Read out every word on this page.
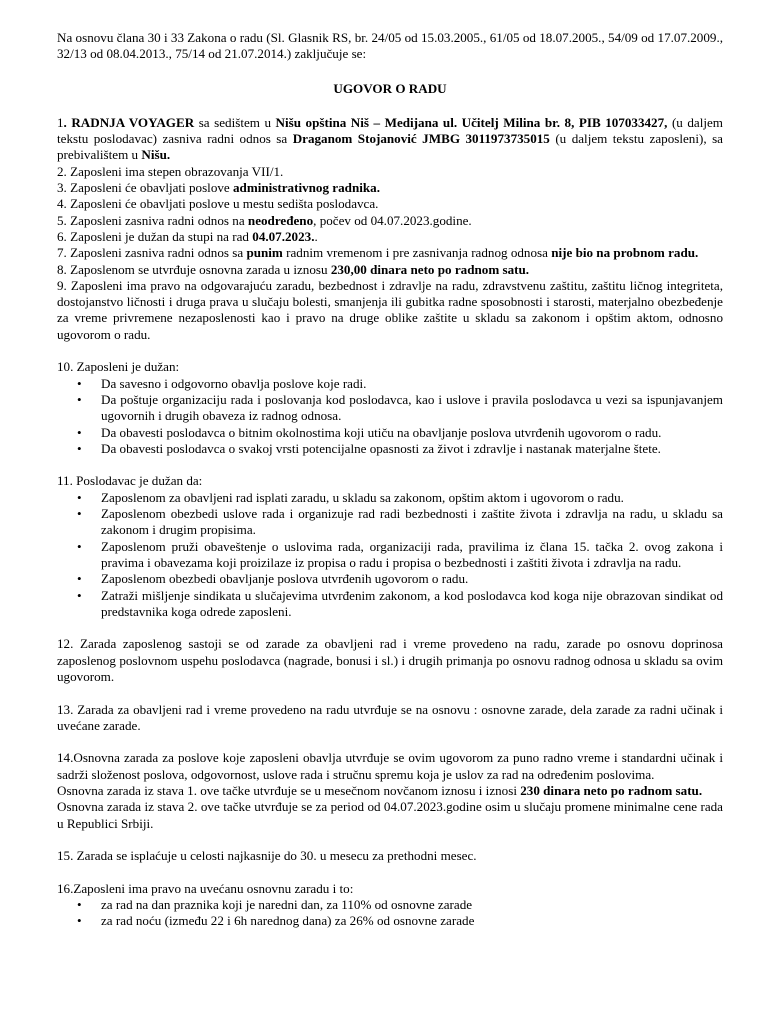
Na osnovu člana 30 i 33 Zakona o radu (Sl. Glasnik RS, br. 24/05 od 15.03.2005., 61/05 od 18.07.2005., 54/09 od 17.07.2009., 32/13 od 08.04.2013., 75/14 od 21.07.2014.) zaključuje se:

UGOVOR O RADU

1. RADNJA VOYAGER sa sedištem u Nišu opština Niš – Medijana ul. Učitelj Milina br. 8, PIB 107033427, (u daljem tekstu poslodavac) zasniva radni odnos sa Draganom Stojanović JMBG 3011973735015 (u daljem tekstu zaposleni), sa prebivalištem u Nišu.

2. Zaposleni ima stepen obrazovanja VII/1.

3. Zaposleni će obavljati poslove administrativnog radnika.

4. Zaposleni će obavljati poslove u mestu sedišta poslodavca.

5. Zaposleni zasniva radni odnos na neodređeno, počev od 04.07.2023.godine.

6. Zaposleni je dužan da stupi na rad 04.07.2023..

7. Zaposleni zasniva radni odnos sa punim radnim vremenom i pre zasnivanja radnog odnosa nije bio na probnom radu.

8. Zaposlenom se utvrđuje osnovna zarada u iznosu 230,00 dinara neto po radnom satu.

9. Zaposleni ima pravo na odgovarajuću zaradu, bezbednost i zdravlje na radu, zdravstvenu zaštitu, zaštitu ličnog integriteta, dostojanstvo ličnosti i druga prava u slučaju bolesti, smanjenja ili gubitka radne sposobnosti i starosti, materjalno obezbeđenje za vreme privremene nezaposlenosti kao i pravo na druge oblike zaštite u skladu sa zakonom i opštim aktom, odnosno ugovorom o radu.

10. Zaposleni je dužan:

• Da savesno i odgovorno obavlja poslove koje radi.
• Da poštuje organizaciju rada i poslovanja kod poslodavca, kao i uslove i pravila poslodavca u vezi sa ispunjavanjem ugovornih i drugih obaveza iz radnog odnosa.
• Da obavesti poslodavca o bitnim okolnostima koji utiču na obavljanje poslova utvrđenih ugovorom o radu.
• Da obavesti poslodavca o svakoj vrsti potencijalne opasnosti za život i zdravlje i nastanak materjalne štete.

11. Poslodavac je dužan da:

• Zaposlenom za obavljeni rad isplati zaradu, u skladu sa zakonom, opštim aktom i ugovorom o radu.
• Zaposlenom obezbedi uslove rada i organizuje rad radi bezbednosti i zaštite života i zdravlja na radu, u skladu sa zakonom i drugim propisima.
• Zaposlenom pruži obaveštenje o uslovima rada, organizaciji rada, pravilima iz člana 15. tačka 2. ovog zakona i pravima i obavezama koji proizilaze iz propisa o radu i propisa o bezbednosti i zaštiti života i zdravlja na radu.
• Zaposlenom obezbedi obavljanje poslova utvrđenih ugovorom o radu.
• Zatraži mišljenje sindikata u slučajevima utvrđenim zakonom, a kod poslodavca kod koga nije obrazovan sindikat od predstavnika koga odrede zaposleni.

12. Zarada zaposlenog sastoji se od zarade za obavljeni rad i vreme provedeno na radu, zarade po osnovu doprinosa zaposlenog poslovnom uspehu poslodavca (nagrade, bonusi i sl.) i drugih primanja po osnovu radnog odnosa u skladu sa ovim ugovorom.

13. Zarada za obavljeni rad i vreme provedeno na radu utvrđuje se na osnovu : osnovne zarade, dela zarade za radni učinak i uvećane zarade.

14.Osnovna zarada za poslove koje zaposleni obavlja utvrđuje se ovim ugovorom za puno radno vreme i standardni učinak i sadrži složenost poslova, odgovornost, uslove rada i stručnu spremu koja je uslov za rad na određenim poslovima.

Osnovna zarada iz stava 1. ove tačke utvrđuje se u mesečnom novčanom iznosu i iznosi 230 dinara neto po radnom satu.

Osnovna zarada iz stava 2. ove tačke utvrđuje se za period od 04.07.2023.godine osim u slučaju promene minimalne cene rada u Republici Srbiji.

15. Zarada se isplaćuje u celosti najkasnije do 30. u mesecu za prethodni mesec.

16.Zaposleni ima pravo na uvećanu osnovnu zaradu i to:

• za rad na dan praznika koji je naredni dan, za 110% od osnovne zarade
• za rad noću (između 22 i 6h narednog dana) za 26% od osnovne zarade
